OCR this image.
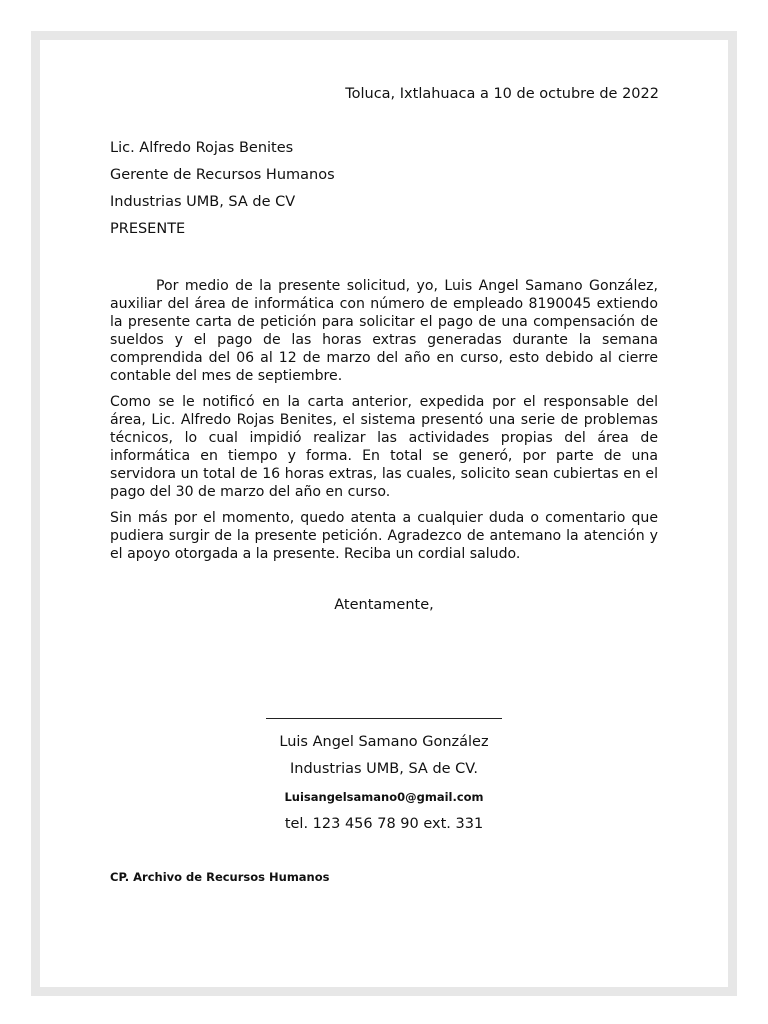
Toluca, Ixtlahuaca a 10 de octubre de 2022
Lic. Alfredo Rojas Benites
Gerente de Recursos Humanos
Industrias UMB, SA de CV
PRESENTE

Por medio de la presente solicitud, yo, Luis Angel Samano González, auxiliar del área de informática con número de empleado 8190045 extiendo la presente carta de petición para solicitar el pago de una compensación de sueldos y el pago de las horas extras generadas durante la semana comprendida del 06 al 12 de marzo del año en curso, esto debido al cierre contable del mes de septiembre.

Como se le notificó en la carta anterior, expedida por el responsable del área, Lic. Alfredo Rojas Benites, el sistema presentó una serie de problemas técnicos, lo cual impidió realizar las actividades propias del área de informática en tiempo y forma. En total se generó, por parte de una servidora un total de 16 horas extras, las cuales, solicito sean cubiertas en el pago del 30 de marzo del año en curso.

Sin más por el momento, quedo atenta a cualquier duda o comentario que pudiera surgir de la presente petición. Agradezco de antemano la atención y el apoyo otorgada a la presente. Reciba un cordial saludo.

Atentamente,
Luis Angel Samano González
Industrias UMB, SA de CV.
Luisangelsamano0@gmail.com
tel. 123 456 78 90 ext. 331
CP. Archivo de Recursos Humanos
